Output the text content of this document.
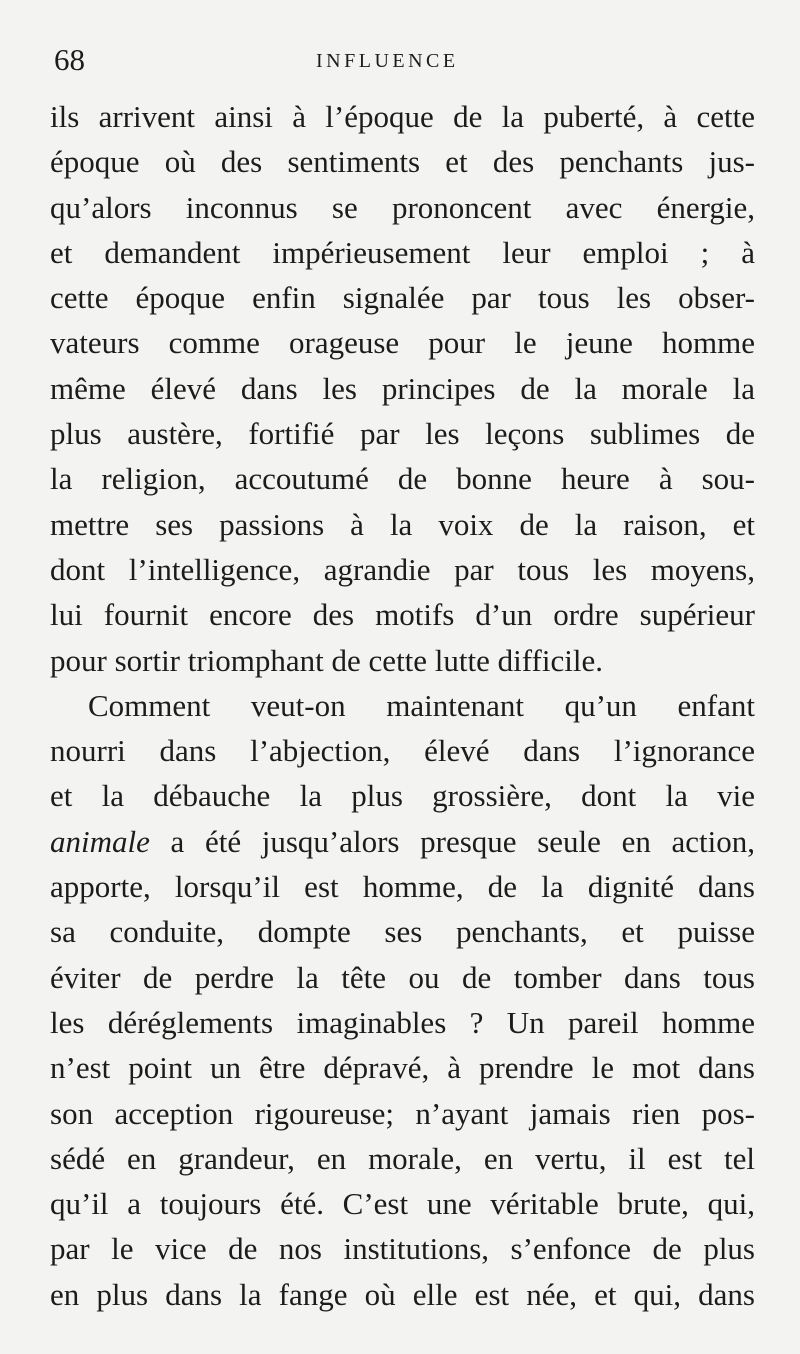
68	INFLUENCE
ils arrivent ainsi à l’époque de la puberté, à cette
époque où des sentiments et des penchants jus-
qu’alors inconnus se prononcent avec énergie,
et demandent impérieusement leur emploi ; à
cette époque enfin signalée par tous les obser-
vateurs comme orageuse pour le jeune homme
même élevé dans les principes de la morale la
plus austère, fortifié par les leçons sublimes de
la religion, accoutumé de bonne heure à sou-
mettre ses passions à la voix de la raison, et
dont l’intelligence, agrandie par tous les moyens,
lui fournit encore des motifs d’un ordre supérieur
pour sortir triomphant de cette lutte difficile.
Comment veut-on maintenant qu’un enfant
nourri dans l’abjection, élevé dans l’ignorance
et la débauche la plus grossière, dont la vie
animale a été jusqu’alors presque seule en action,
apporte, lorsqu’il est homme, de la dignité dans
sa conduite, dompte ses penchants, et puisse
éviter de perdre la tête ou de tomber dans tous
les déréglements imaginables ? Un pareil homme
n’est point un être dépravé, à prendre le mot dans
son acception rigoureuse; n’ayant jamais rien pos-
sédé en grandeur, en morale, en vertu, il est tel
qu’il a toujours été. C’est une véritable brute, qui,
par le vice de nos institutions, s’enfonce de plus
en plus dans la fange où elle est née, et qui, dans
